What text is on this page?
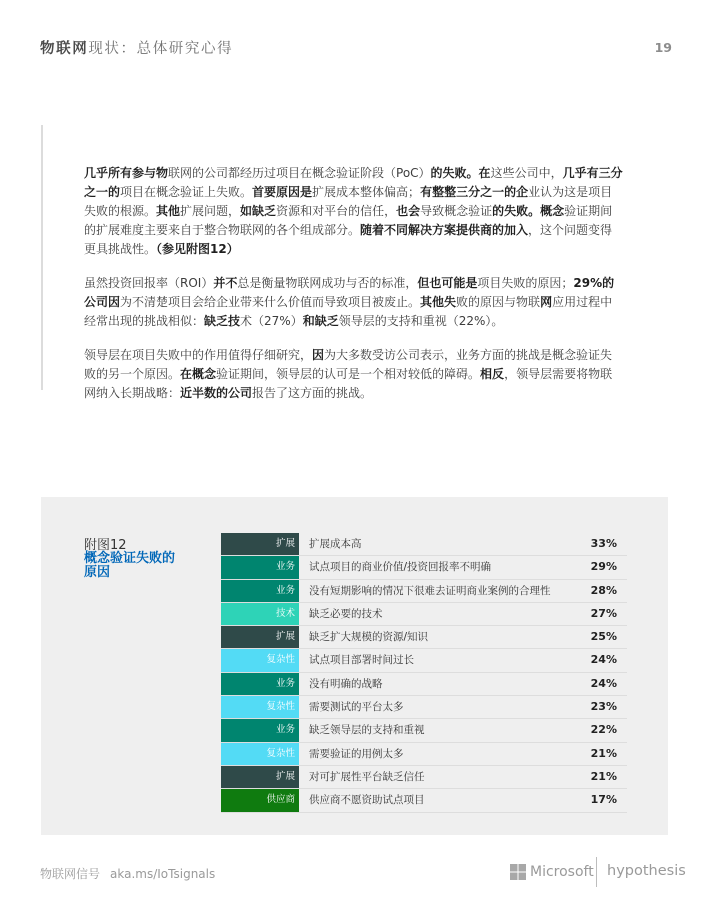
物联网现状：总体研究心得	19

几乎所有参与物联网的公司都经历过项目在概念验证阶段（PoC）的失败。在这些公司中，几乎有三分之一的项目在概念验证上失败。首要原因是扩展成本整体偏高；有整整三分之一的企业认为这是项目失败的根源。其他扩展问题，如缺乏资源和对平台的信任，也会导致概念验证的失败。概念验证期间的扩展难度主要来自于整合物联网的各个组成部分。随着不同解决方案提供商的加入，这个问题变得更具挑战性。（参见附图12）

虽然投资回报率（ROI）并不总是衡量物联网成功与否的标准，但也可能是项目失败的原因；29%的公司因为不清楚项目会给企业带来什么价值而导致项目被废止。其他失败的原因与物联网应用过程中经常出现的挑战相似：缺乏技术（27%）和缺乏领导层的支持和重视（22%）。

领导层在项目失败中的作用值得仔细研究，因为大多数受访公司表示，业务方面的挑战是概念验证失败的另一个原因。在概念验证期间，领导层的认可是一个相对较低的障碍。相反，领导层需要将物联网纳入长期战略：近半数的公司报告了这方面的挑战。

附图12
概念验证失败的原因
扩展	扩展成本高	33%
业务	试点项目的商业价值/投资回报率不明确	29%
业务	没有短期影响的情况下很难去证明商业案例的合理性	28%
技术	缺乏必要的技术	27%
扩展	缺乏扩大规模的资源/知识	25%
复杂性	试点项目部署时间过长	24%
业务	没有明确的战略	24%
复杂性	需要测试的平台太多	23%
业务	缺乏领导层的支持和重视	22%
复杂性	需要验证的用例太多	21%
扩展	对可扩展性平台缺乏信任	21%
供应商	供应商不愿资助试点项目	17%
物联网信号 aka.ms/IoTsignals	Microsoft hypothesis
